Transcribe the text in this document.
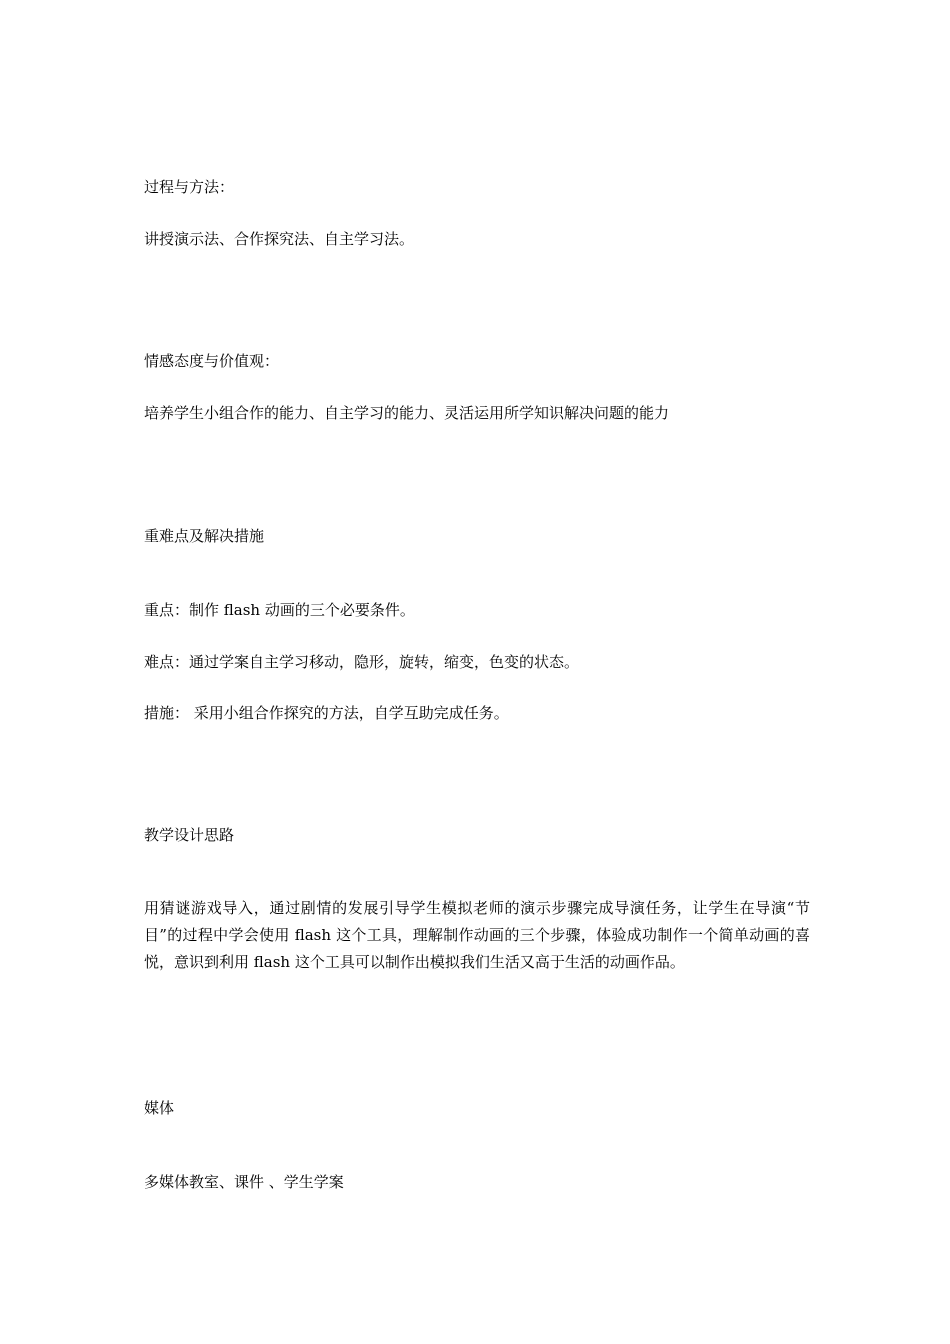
过程与方法：

讲授演示法、合作探究法、自主学习法。

情感态度与价值观：

培养学生小组合作的能力、自主学习的能力、灵活运用所学知识解决问题的能力

重难点及解决措施

重点：制作 flash 动画的三个必要条件。

难点：通过学案自主学习移动，隐形，旋转，缩变，色变的状态。

措施： 采用小组合作探究的方法，自学互助完成任务。

教学设计思路

用猜谜游戏导入，通过剧情的发展引导学生模拟老师的演示步骤完成导演任务，让学生在导演“节目”的过程中学会使用 flash 这个工具，理解制作动画的三个步骤，体验成功制作一个简单动画的喜悦，意识到利用 flash 这个工具可以制作出模拟我们生活又高于生活的动画作品。

媒体

多媒体教室、课件 、学生学案
